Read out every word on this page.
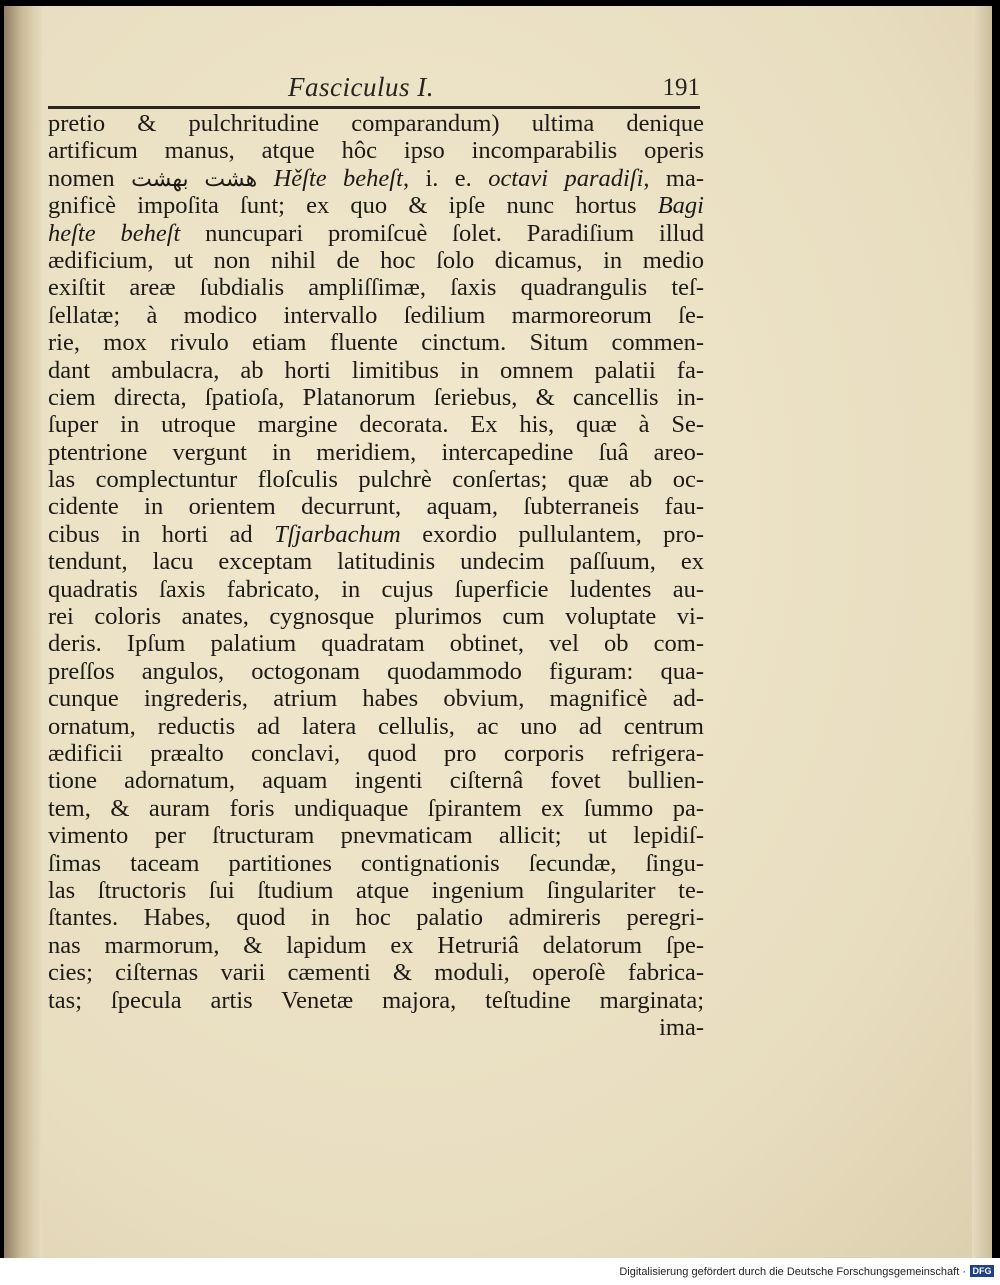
Fasciculus I.	191
pretio & pulchritudine comparandum) ultima denique
artificum manus, atque hôc ipso incomparabilis operis
nomen هشت بهشت Hěſte beheſt, i. e. octavi paradiſi, ma-
gnificè impoſita ſunt; ex quo & ipſe nunc hortus Bagi
heſte beheſt nuncupari promiſcuè ſolet. Paradiſium illud
ædificium, ut non nihil de hoc ſolo dicamus, in medio
exiſtit areæ ſubdialis ampliſſimæ, ſaxis quadrangulis teſ-
ſellatæ; à modico intervallo ſedilium marmoreorum ſe-
rie, mox rivulo etiam fluente cinctum. Situm commen-
dant ambulacra, ab horti limitibus in omnem palatii fa-
ciem directa, ſpatioſa, Platanorum ſeriebus, & cancellis in-
ſuper in utroque margine decorata. Ex his, quæ à Se-
ptentrione vergunt in meridiem, intercapedine ſuâ areo-
las complectuntur floſculis pulchrè conſertas; quæ ab oc-
cidente in orientem decurrunt, aquam, ſubterraneis fau-
cibus in horti ad Tſjarbachum exordio pullulantem, pro-
tendunt, lacu exceptam latitudinis undecim paſſuum, ex
quadratis ſaxis fabricato, in cujus ſuperficie ludentes au-
rei coloris anates, cygnosque plurimos cum voluptate vi-
deris. Ipſum palatium quadratam obtinet, vel ob com-
preſſos angulos, octogonam quodammodo figuram: qua-
cunque ingrederis, atrium habes obvium, magnificè ad-
ornatum, reductis ad latera cellulis, ac uno ad centrum
ædificii præalto conclavi, quod pro corporis refrigera-
tione adornatum, aquam ingenti ciſternâ fovet bullien-
tem, & auram foris undiquaque ſpirantem ex ſummo pa-
vimento per ſtructuram pnevmaticam allicit; ut lepidiſ-
ſimas taceam partitiones contignationis ſecundæ, ſingu-
las ſtructoris ſui ſtudium atque ingenium ſingulariter te-
ſtantes. Habes, quod in hoc palatio admireris peregri-
nas marmorum, & lapidum ex Hetruriâ delatorum ſpe-
cies; ciſternas varii cæmenti & moduli, operoſè fabrica-
tas; ſpecula artis Venetæ majora, teſtudine marginata;
ima-
Digitalisierung gefördert durch die Deutsche Forschungsgemeinschaft · DFG
